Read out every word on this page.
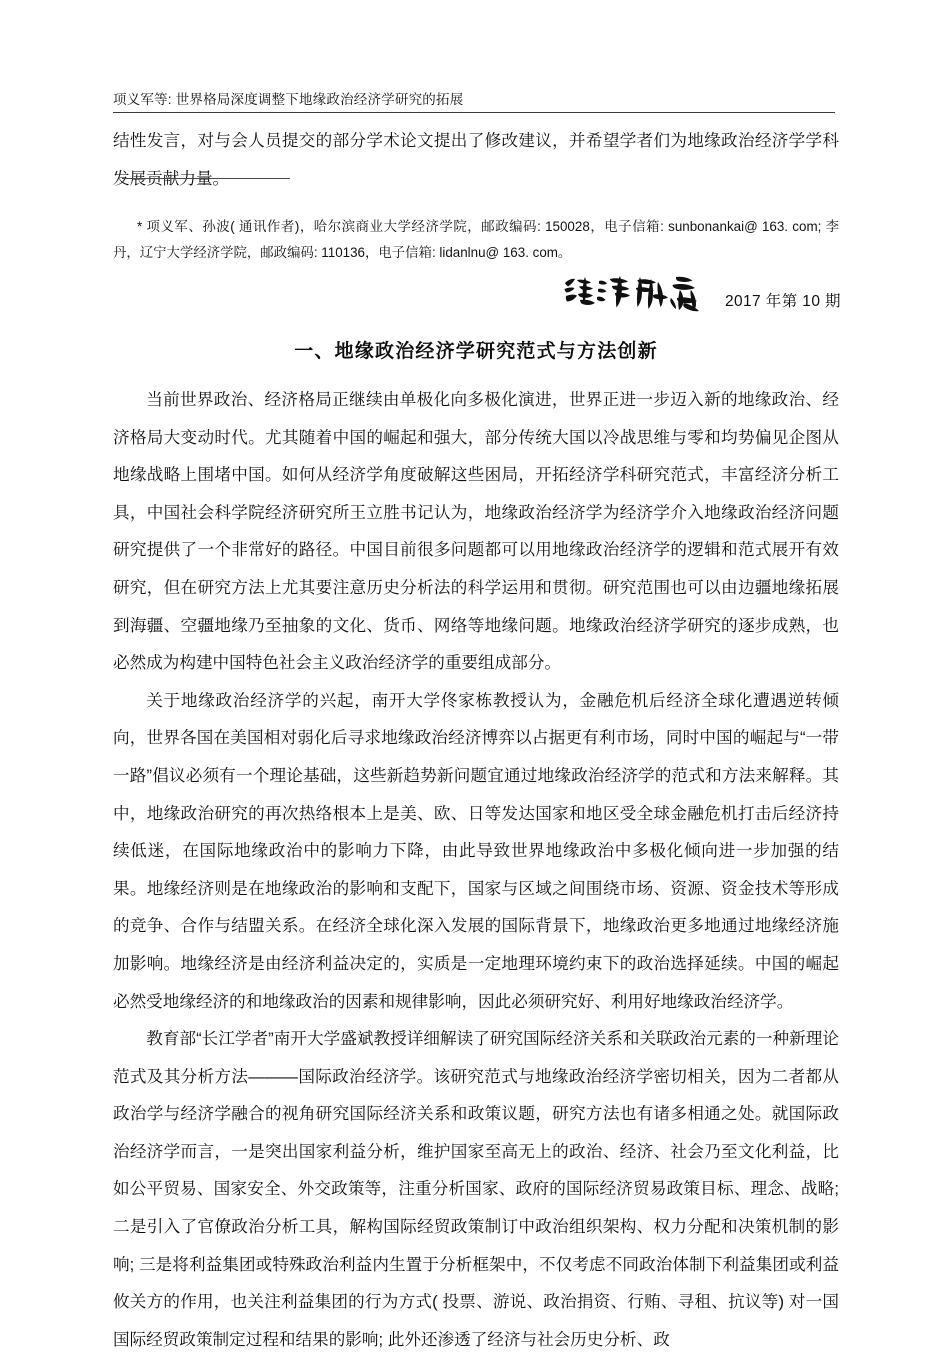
项义军等: 世界格局深度调整下地缘政治经济学研究的拓展
结性发言，对与会人员提交的部分学术论文提出了修改建议，并希望学者们为地缘政治经济学学科发展贡献力量。
* 项义军、孙波( 通讯作者)，哈尔滨商业大学经济学院，邮政编码: 150028，电子信箱: sunbonankai@ 163. com; 李丹，辽宁大学经济学院，邮政编码: 110136，电子信箱: lidanlnu@ 163. com。
2017 年第 10 期
一、地缘政治经济学研究范式与方法创新

当前世界政治、经济格局正继续由单极化向多极化演进，世界正进一步迈入新的地缘政治、经济格局大变动时代。尤其随着中国的崛起和强大，部分传统大国以冷战思维与零和均势偏见企图从地缘战略上围堵中国。如何从经济学角度破解这些困局，开拓经济学科研究范式，丰富经济分析工具，中国社会科学院经济研究所王立胜书记认为，地缘政治经济学为经济学介入地缘政治经济问题研究提供了一个非常好的路径。中国目前很多问题都可以用地缘政治经济学的逻辑和范式展开有效研究，但在研究方法上尤其要注意历史分析法的科学运用和贯彻。研究范围也可以由边疆地缘拓展到海疆、空疆地缘乃至抽象的文化、货币、网络等地缘问题。地缘政治经济学研究的逐步成熟，也必然成为构建中国特色社会主义政治经济学的重要组成部分。

关于地缘政治经济学的兴起，南开大学佟家栋教授认为，金融危机后经济全球化遭遇逆转倾向，世界各国在美国相对弱化后寻求地缘政治经济博弈以占据更有利市场，同时中国的崛起与“一带一路”倡议必须有一个理论基础，这些新趋势新问题宜通过地缘政治经济学的范式和方法来解释。其中，地缘政治研究的再次热络根本上是美、欧、日等发达国家和地区受全球金融危机打击后经济持续低迷，在国际地缘政治中的影响力下降，由此导致世界地缘政治中多极化倾向进一步加强的结果。地缘经济则是在地缘政治的影响和支配下，国家与区域之间围绕市场、资源、资金技术等形成的竞争、合作与结盟关系。在经济全球化深入发展的国际背景下，地缘政治更多地通过地缘经济施加影响。地缘经济是由经济利益决定的，实质是一定地理环境约束下的政治选择延续。中国的崛起必然受地缘经济的和地缘政治的因素和规律影响，因此必须研究好、利用好地缘政治经济学。

教育部“长江学者”南开大学盛斌教授详细解读了研究国际经济关系和关联政治元素的一种新理论范式及其分析方法———国际政治经济学。该研究范式与地缘政治经济学密切相关，因为二者都从政治学与经济学融合的视角研究国际经济关系和政策议题，研究方法也有诸多相通之处。就国际政治经济学而言，一是突出国家利益分析，维护国家至高无上的政治、经济、社会乃至文化利益，比如公平贸易、国家安全、外交政策等，注重分析国家、政府的国际经济贸易政策目标、理念、战略; 二是引入了官僚政治分析工具，解构国际经贸政策制订中政治组织架构、权力分配和决策机制的影响; 三是将利益集团或特殊政治利益内生置于分析框架中，不仅考虑不同政治体制下利益集团或利益攸关方的作用，也关注利益集团的行为方式( 投票、游说、政治捐资、行贿、寻租、抗议等) 对一国国际经贸政策制定过程和结果的影响; 此外还渗透了经济与社会历史分析、政
